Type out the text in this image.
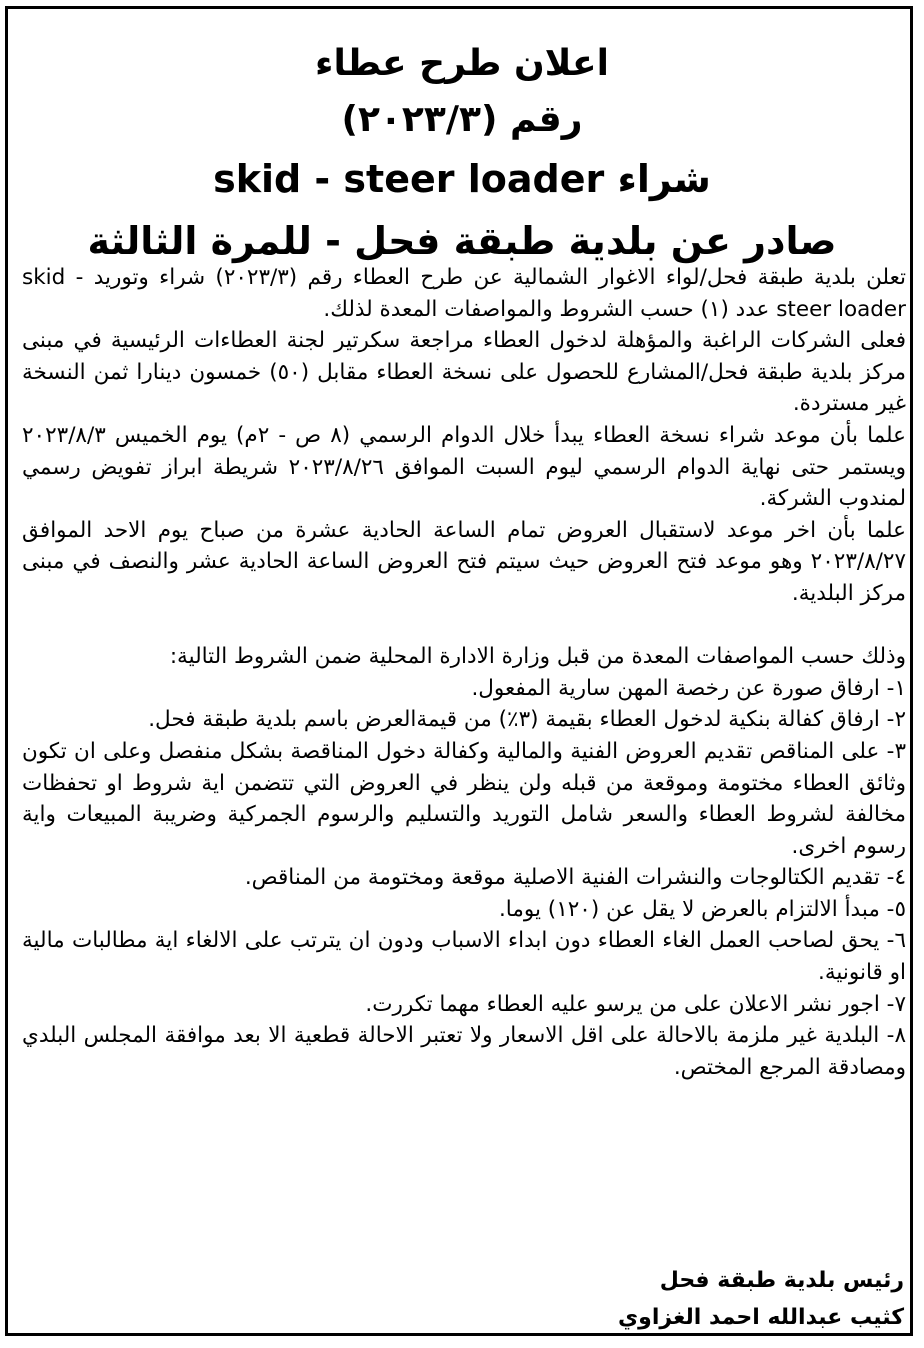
اعلان طرح عطاء
رقم (٢٠٢٣/٣)
شراء skid - steer loader
صادر عن بلدية طبقة فحل - للمرة الثالثة

تعلن بلدية طبقة فحل/لواء الاغوار الشمالية عن طرح العطاء رقم (٢٠٢٣/٣) شراء وتوريد skid - steer loader عدد (١) حسب الشروط والمواصفات المعدة لذلك.

فعلى الشركات الراغبة والمؤهلة لدخول العطاء مراجعة سكرتير لجنة العطاءات الرئيسية في مبنى مركز بلدية طبقة فحل/المشارع للحصول على نسخة العطاء مقابل (٥٠) خمسون دينارا ثمن النسخة غير مستردة.

علما بأن موعد شراء نسخة العطاء يبدأ خلال الدوام الرسمي (٨ ص - ٢م) يوم الخميس ٢٠٢٣/٨/٣ ويستمر حتى نهاية الدوام الرسمي ليوم السبت الموافق ٢٠٢٣/٨/٢٦ شريطة ابراز تفويض رسمي لمندوب الشركة.

علما بأن اخر موعد لاستقبال العروض تمام الساعة الحادية عشرة من صباح يوم الاحد الموافق ٢٠٢٣/٨/٢٧ وهو موعد فتح العروض حيث سيتم فتح العروض الساعة الحادية عشر والنصف في مبنى مركز البلدية.

وذلك حسب المواصفات المعدة من قبل وزارة الادارة المحلية ضمن الشروط التالية:

١- ارفاق صورة عن رخصة المهن سارية المفعول.

٢- ارفاق كفالة بنكية لدخول العطاء بقيمة (٣٪) من قيمةالعرض باسم بلدية طبقة فحل.

٣- على المناقص تقديم العروض الفنية والمالية وكفالة دخول المناقصة بشكل منفصل وعلى ان تكون وثائق العطاء مختومة وموقعة من قبله ولن ينظر في العروض التي تتضمن اية شروط او تحفظات مخالفة لشروط العطاء والسعر شامل التوريد والتسليم والرسوم الجمركية وضريبة المبيعات واية رسوم اخرى.

٤- تقديم الكتالوجات والنشرات الفنية الاصلية موقعة ومختومة من المناقص.

٥- مبدأ الالتزام بالعرض لا يقل عن (١٢٠) يوما.

٦- يحق لصاحب العمل الغاء العطاء دون ابداء الاسباب ودون ان يترتب على الالغاء اية مطالبات مالية او قانونية.

٧- اجور نشر الاعلان على من يرسو عليه العطاء مهما تكررت.

٨- البلدية غير ملزمة بالاحالة على اقل الاسعار ولا تعتبر الاحالة قطعية الا بعد موافقة المجلس البلدي ومصادقة المرجع المختص.

رئيس بلدية طبقة فحل
كثيب عبدالله احمد الغزاوي
